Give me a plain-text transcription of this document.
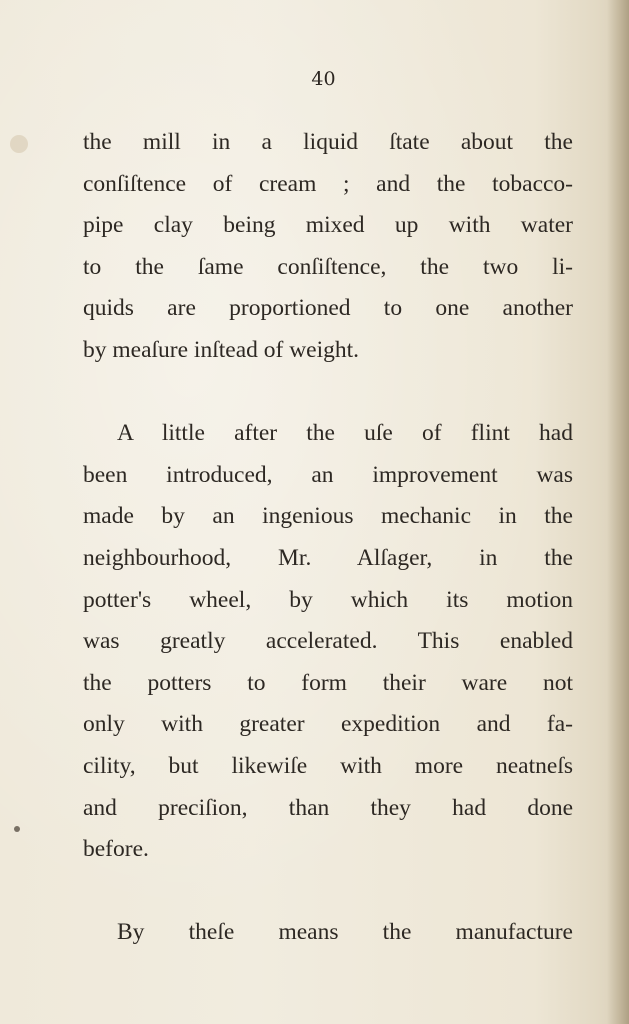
40
the mill in a liquid ſtate about the
conſiſtence of cream ; and the tobacco-
pipe clay being mixed up with water
to the ſame conſiſtence, the two li-
quids are proportioned to one another
by meaſure inſtead of weight.
A little after the uſe of flint had
been introduced, an improvement was
made by an ingenious mechanic in the
neighbourhood, Mr. Alſager, in the
potter's wheel, by which its motion
was greatly accelerated. This enabled
the potters to form their ware not
only with greater expedition and fa-
cility, but likewiſe with more neatneſs
and preciſion, than they had done
before.
By theſe means the manufacture
